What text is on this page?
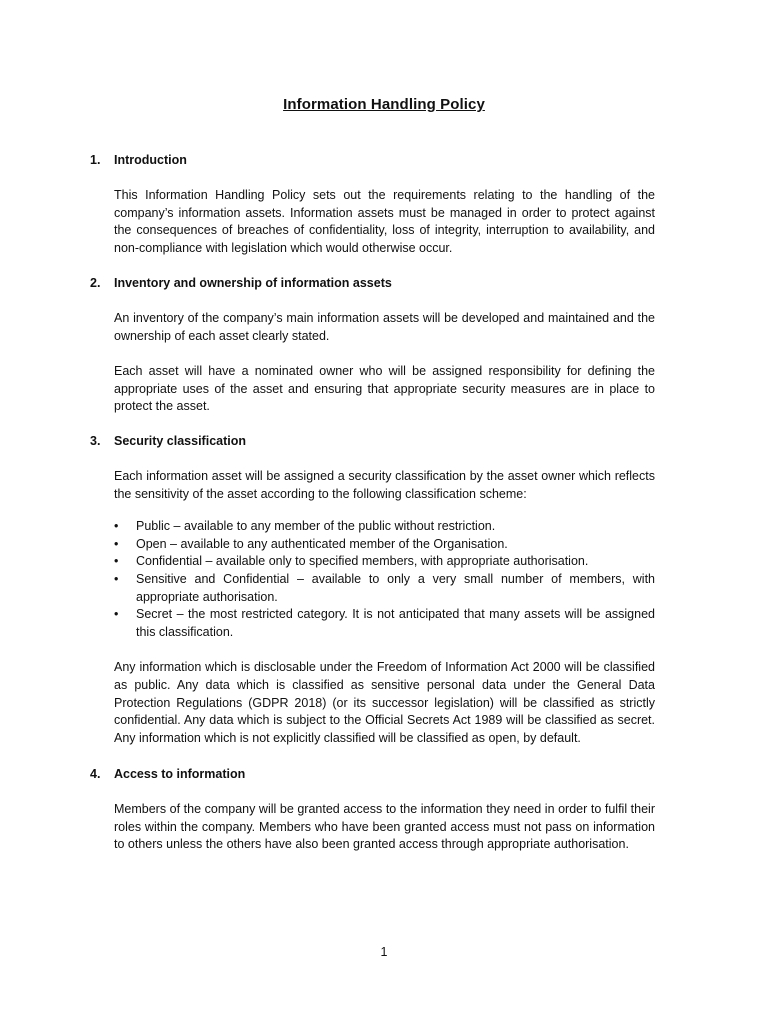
Information Handling Policy
1.	Introduction
This Information Handling Policy sets out the requirements relating to the handling of the company’s information assets. Information assets must be managed in order to protect against the consequences of breaches of confidentiality, loss of integrity, interruption to availability, and non-compliance with legislation which would otherwise occur.
2.	Inventory and ownership of information assets
An inventory of the company’s main information assets will be developed and maintained and the ownership of each asset clearly stated.
Each asset will have a nominated owner who will be assigned responsibility for defining the appropriate uses of the asset and ensuring that appropriate security measures are in place to protect the asset.
3.	Security classification
Each information asset will be assigned a security classification by the asset owner which reflects the sensitivity of the asset according to the following classification scheme:
•	Public – available to any member of the public without restriction.
•	Open – available to any authenticated member of the Organisation.
•	Confidential – available only to specified members, with appropriate authorisation.
•	Sensitive and Confidential – available to only a very small number of members, with appropriate authorisation.
•	Secret – the most restricted category. It is not anticipated that many assets will be assigned this classification.
Any information which is disclosable under the Freedom of Information Act 2000 will be classified as public. Any data which is classified as sensitive personal data under the General Data Protection Regulations (GDPR 2018) (or its successor legislation) will be classified as strictly confidential. Any data which is subject to the Official Secrets Act 1989 will be classified as secret. Any information which is not explicitly classified will be classified as open, by default.
4.	Access to information
Members of the company will be granted access to the information they need in order to fulfil their roles within the company. Members who have been granted access must not pass on information to others unless the others have also been granted access through appropriate authorisation.
1
